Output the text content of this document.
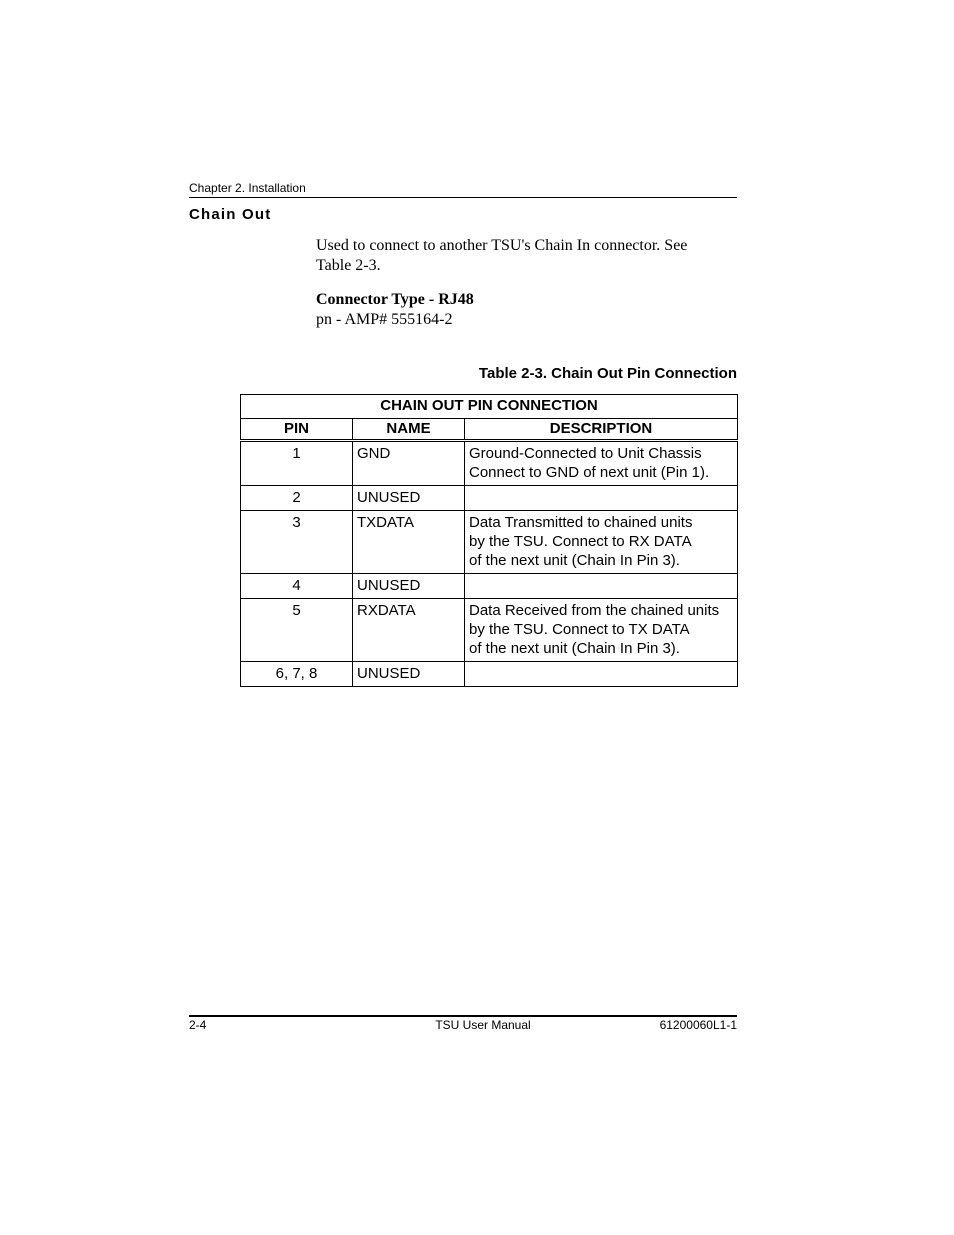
Chapter 2. Installation
Chain Out
Used to connect to another TSU's Chain In connector. See Table 2-3.
Connector Type - RJ48
pn - AMP# 555164-2
Table 2-3. Chain Out Pin Connection
CHAIN OUT PIN CONNECTION		
PIN	NAME	DESCRIPTION
1	GND	Ground-Connected to Unit Chassis
Connect to GND of next unit (Pin 1).

2	UNUSED	
3	TXDATA	Data Transmitted to chained units
by the TSU. Connect to RX DATA
of the next unit (Chain In Pin 3).

4	UNUSED	
5	RXDATA	Data Received from the chained units
by the TSU. Connect to TX DATA
of the next unit (Chain In Pin 3).

6, 7, 8	UNUSED	
2-4	TSU User Manual	61200060L1-1
